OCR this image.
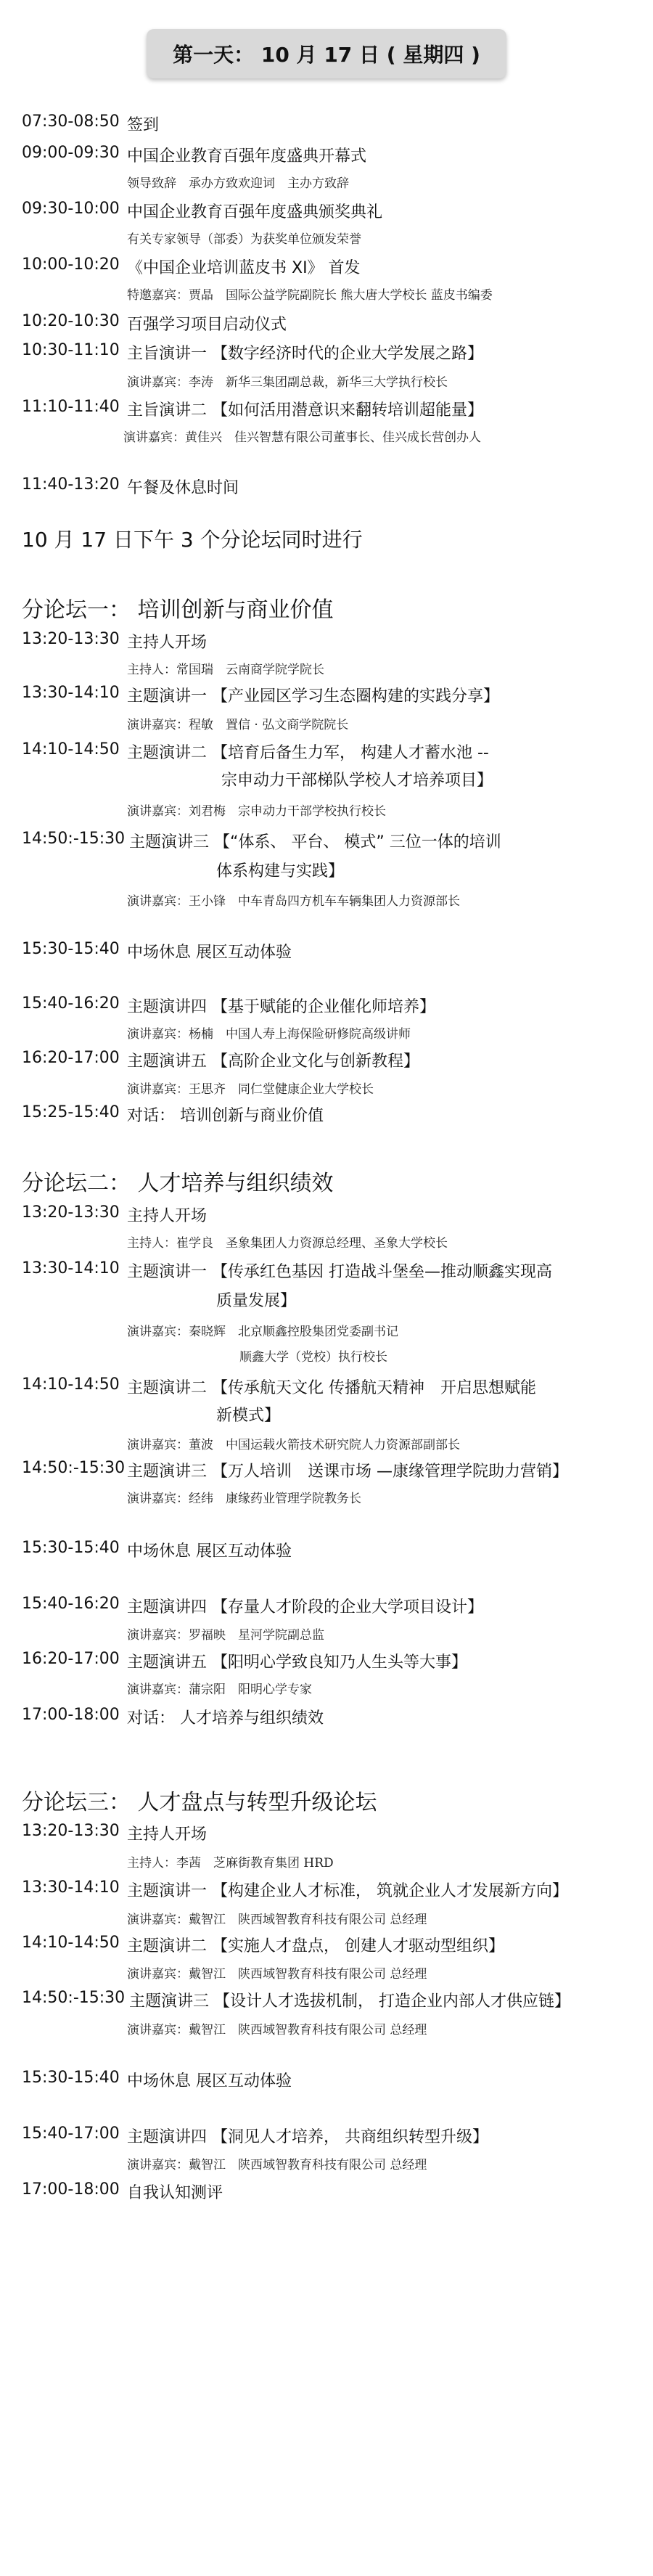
第一天： 10 月 17 日 ( 星期四 )
07:30-08:50 签到
09:00-09:30 中国企业教育百强年度盛典开幕式
领导致辞　承办方致欢迎词　主办方致辞
09:30-10:00 中国企业教育百强年度盛典颁奖典礼
有关专家领导（部委）为获奖单位颁发荣誉
10:00-10:20 《中国企业培训蓝皮书 XI》 首发
特邀嘉宾：贾晶　国际公益学院副院长 熊大唐大学校长 蓝皮书编委
10:20-10:30 百强学习项目启动仪式
10:30-11:10 主旨演讲一 【数字经济时代的企业大学发展之路】
演讲嘉宾：李涛　新华三集团副总裁，新华三大学执行校长
11:10-11:40 主旨演讲二 【如何活用潜意识来翻转培训超能量】
演讲嘉宾：黄佳兴　佳兴智慧有限公司董事长、佳兴成长营创办人
11:40-13:20 午餐及休息时间
10 月 17 日下午 3 个分论坛同时进行
分论坛一： 培训创新与商业价值
13:20-13:30 主持人开场
主持人：常国瑞　云南商学院学院长
13:30-14:10 主题演讲一 【产业园区学习生态圈构建的实践分享】
演讲嘉宾：程敏　置信 · 弘文商学院院长
14:10-14:50 主题演讲二 【培育后备生力军， 构建人才蓄水池 --
宗申动力干部梯队学校人才培养项目】
演讲嘉宾：刘君梅　宗申动力干部学校执行校长
14:50:-15:30 主题演讲三 【“体系、 平台、 模式” 三位一体的培训
体系构建与实践】
演讲嘉宾：王小锋　中车青岛四方机车车辆集团人力资源部长
15:30-15:40 中场休息 展区互动体验
15:40-16:20 主题演讲四 【基于赋能的企业催化师培养】
演讲嘉宾：杨楠　中国人寿上海保险研修院高级讲师
16:20-17:00 主题演讲五 【高阶企业文化与创新教程】
演讲嘉宾：王思齐　同仁堂健康企业大学校长
15:25-15:40 对话： 培训创新与商业价值
分论坛二： 人才培养与组织绩效
13:20-13:30 主持人开场
主持人：崔学良　圣象集团人力资源总经理、圣象大学校长
13:30-14:10 主题演讲一 【传承红色基因 打造战斗堡垒—推动顺鑫实现高
质量发展】
演讲嘉宾：秦晓辉　北京顺鑫控股集团党委副书记
顺鑫大学（党校）执行校长
14:10-14:50 主题演讲二 【传承航天文化 传播航天精神　开启思想赋能
新模式】
演讲嘉宾：董波　中国运载火箭技术研究院人力资源部副部长
14:50:-15:30 主题演讲三 【万人培训　送课市场 —康缘管理学院助力营销】
演讲嘉宾：经纬　康缘药业管理学院教务长
15:30-15:40 中场休息 展区互动体验
15:40-16:20 主题演讲四 【存量人才阶段的企业大学项目设计】
演讲嘉宾：罗福映　星河学院副总监
16:20-17:00 主题演讲五 【阳明心学致良知乃人生头等大事】
演讲嘉宾：蒲宗阳　阳明心学专家
17:00-18:00 对话： 人才培养与组织绩效
分论坛三： 人才盘点与转型升级论坛
13:20-13:30 主持人开场
主持人：李茜　芝麻街教育集团 HRD
13:30-14:10 主题演讲一 【构建企业人才标准， 筑就企业人才发展新方向】
演讲嘉宾：戴智江　陕西域智教育科技有限公司 总经理
14:10-14:50 主题演讲二 【实施人才盘点， 创建人才驱动型组织】
演讲嘉宾：戴智江　陕西域智教育科技有限公司 总经理
14:50:-15:30 主题演讲三 【设计人才选拔机制， 打造企业内部人才供应链】
演讲嘉宾：戴智江　陕西域智教育科技有限公司 总经理
15:30-15:40 中场休息 展区互动体验
15:40-17:00 主题演讲四 【洞见人才培养， 共商组织转型升级】
演讲嘉宾：戴智江　陕西域智教育科技有限公司 总经理
17:00-18:00 自我认知测评
